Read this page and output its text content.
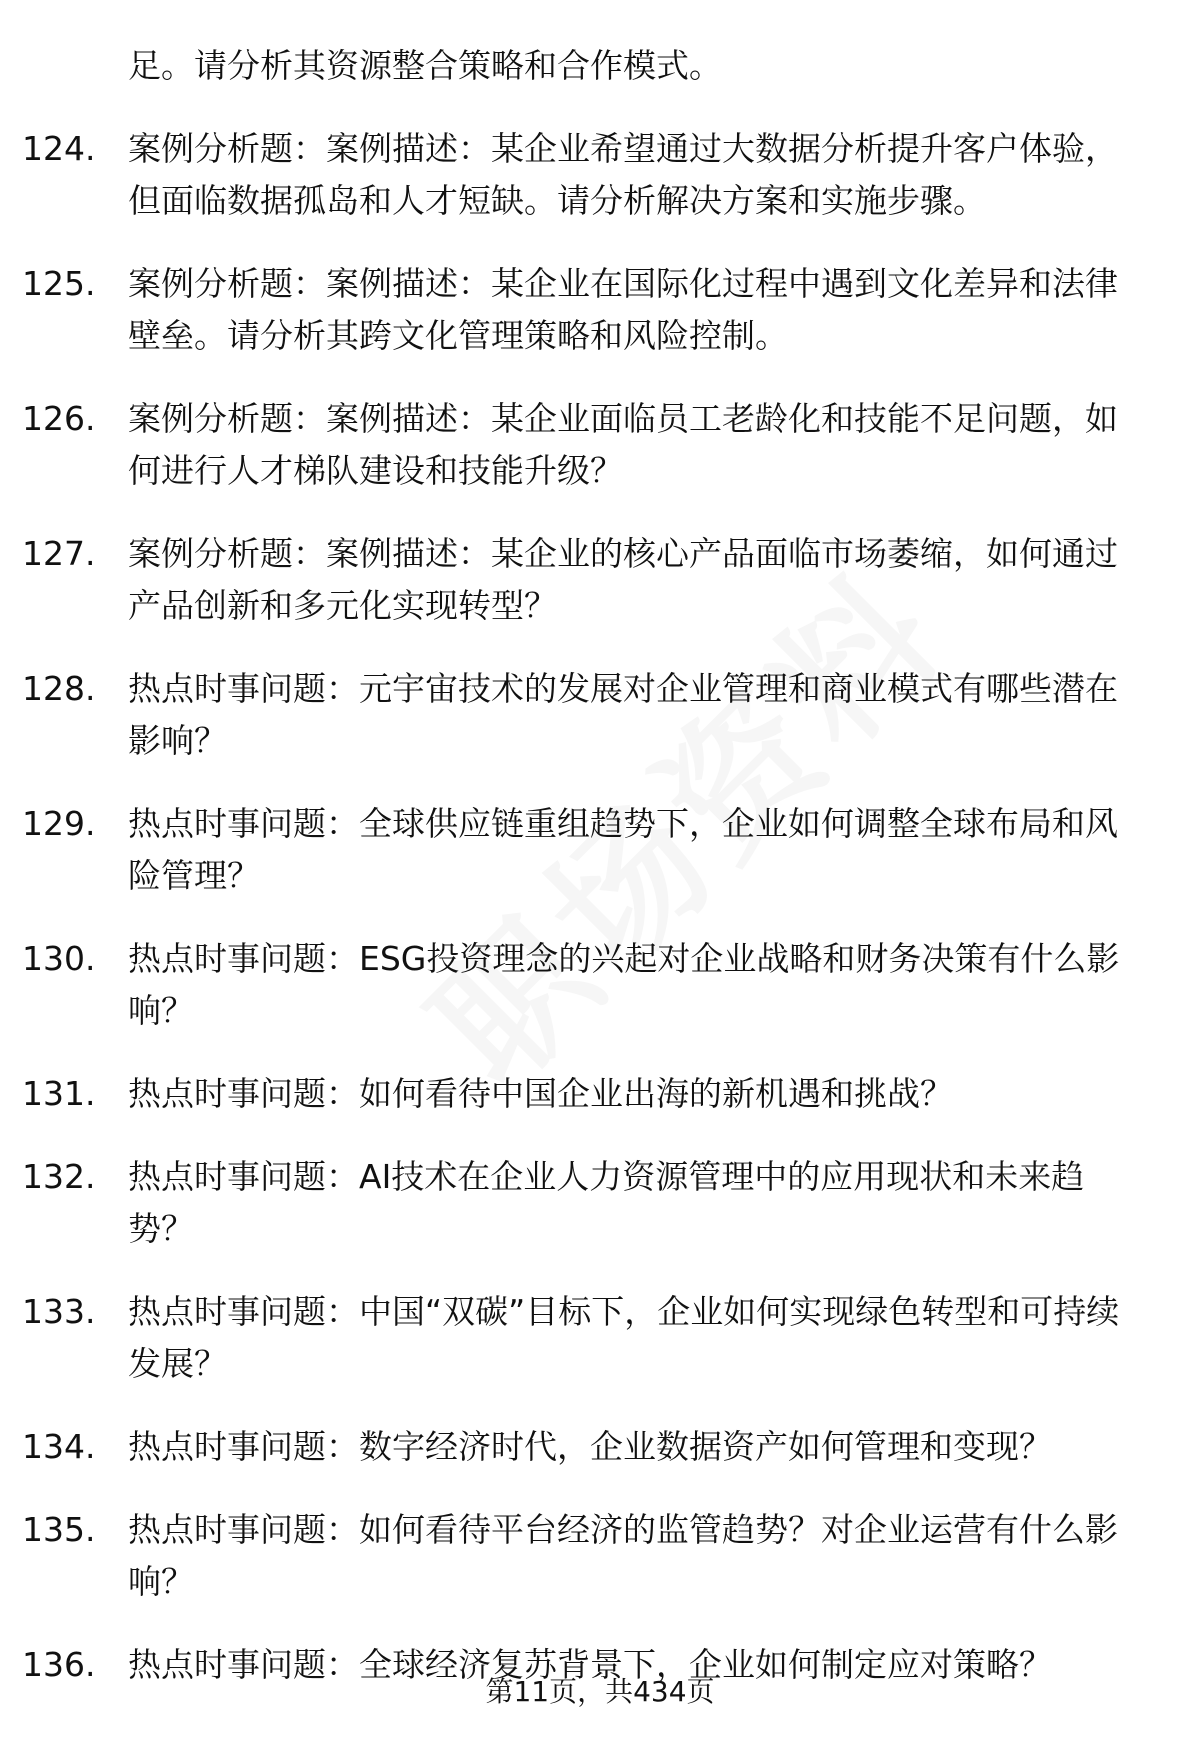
足。请分析其资源整合策略和合作模式。
124. 案例分析题：案例描述：某企业希望通过大数据分析提升客户体验，但面临数据孤岛和人才短缺。请分析解决方案和实施步骤。
125. 案例分析题：案例描述：某企业在国际化过程中遇到文化差异和法律壁垒。请分析其跨文化管理策略和风险控制。
126. 案例分析题：案例描述：某企业面临员工老龄化和技能不足问题，如何进行人才梯队建设和技能升级？
127. 案例分析题：案例描述：某企业的核心产品面临市场萎缩，如何通过产品创新和多元化实现转型？
128. 热点时事问题：元宇宙技术的发展对企业管理和商业模式有哪些潜在影响？
129. 热点时事问题：全球供应链重组趋势下，企业如何调整全球布局和风险管理？
130. 热点时事问题：ESG投资理念的兴起对企业战略和财务决策有什么影响？
131. 热点时事问题：如何看待中国企业出海的新机遇和挑战？
132. 热点时事问题：AI技术在企业人力资源管理中的应用现状和未来趋势？
133. 热点时事问题：中国“双碳”目标下，企业如何实现绿色转型和可持续发展？
134. 热点时事问题：数字经济时代，企业数据资产如何管理和变现？
135. 热点时事问题：如何看待平台经济的监管趋势？对企业运营有什么影响？
136. 热点时事问题：全球经济复苏背景下，企业如何制定应对策略？
第11页，共434页
